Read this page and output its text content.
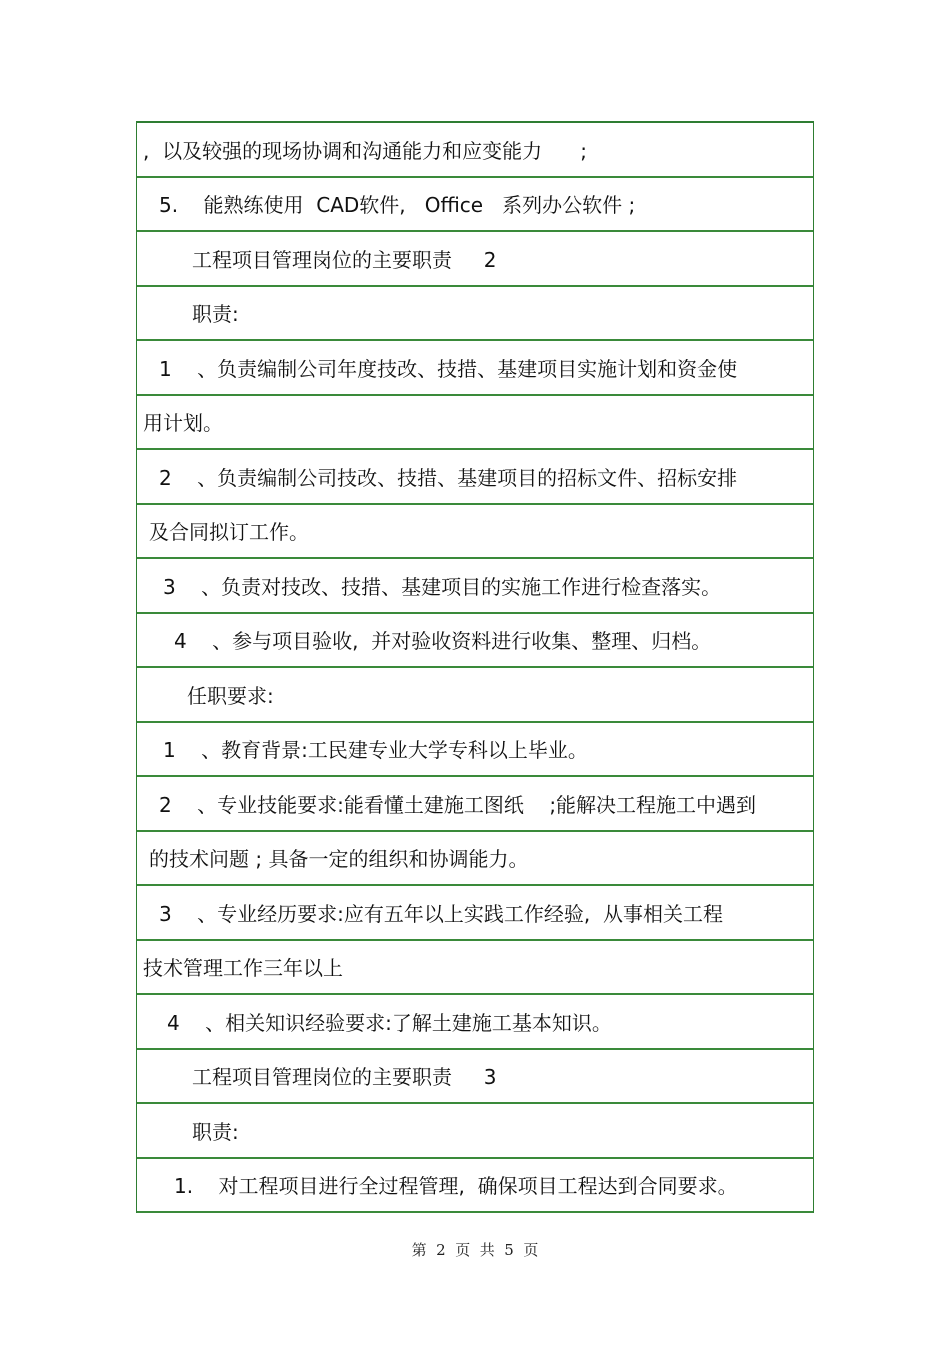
,  以及较强的现场协调和沟通能力和应变能力      ;
5.    能熟练使用  CAD软件,   Office   系列办公软件 ;
工程项目管理岗位的主要职责     2
职责:
1    、负责编制公司年度技改、技措、基建项目实施计划和资金使
用计划。
2    、负责编制公司技改、技措、基建项目的招标文件、招标安排
及合同拟订工作。
3    、负责对技改、技措、基建项目的实施工作进行检查落实。
4    、参与项目验收,  并对验收资料进行收集、整理、归档。
任职要求:
1    、教育背景:工民建专业大学专科以上毕业。
2    、专业技能要求:能看懂土建施工图纸    ;能解决工程施工中遇到
的技术问题 ; 具备一定的组织和协调能力。
3    、专业经历要求:应有五年以上实践工作经验,  从事相关工程
技术管理工作三年以上
4    、相关知识经验要求:了解土建施工基本知识。
工程项目管理岗位的主要职责     3
职责:
1.    对工程项目进行全过程管理,  确保项目工程达到合同要求。
第  2  页  共  5  页
